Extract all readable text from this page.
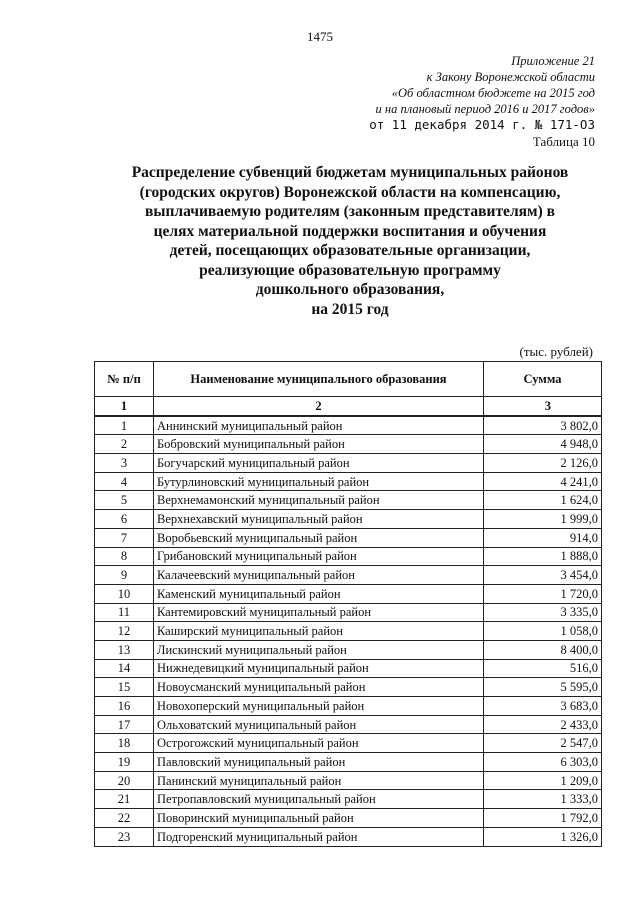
1475
Приложение 21
к Закону Воронежской области
«Об областном бюджете на 2015 год
и на плановый период 2016 и 2017 годов»
от 11 декабря 2014 г. № 171-ОЗ
Таблица 10
Распределение субвенций бюджетам муниципальных районов
(городских округов) Воронежской области на компенсацию,
выплачиваемую родителям (законным представителям) в
целях материальной поддержки воспитания и обучения
детей, посещающих образовательные организации,
реализующие образовательную программу
дошкольного образования,
на 2015 год
(тыс. рублей)
№ п/п	Наименование муниципального образования	Сумма
1	2	3
1	Аннинский муниципальный район	3 802,0
2	Бобровский муниципальный район	4 948,0
3	Богучарский муниципальный район	2 126,0
4	Бутурлиновский муниципальный район	4 241,0
5	Верхнемамонский муниципальный район	1 624,0
6	Верхнехавский муниципальный район	1 999,0
7	Воробьевский муниципальный район	914,0
8	Грибановский муниципальный район	1 888,0
9	Калачеевский муниципальный район	3 454,0
10	Каменский муниципальный район	1 720,0
11	Кантемировский муниципальный район	3 335,0
12	Каширский муниципальный район	1 058,0
13	Лискинский муниципальный район	8 400,0
14	Нижнедевицкий муниципальный район	516,0
15	Новоусманский муниципальный район	5 595,0
16	Новохоперский муниципальный район	3 683,0
17	Ольховатский муниципальный район	2 433,0
18	Острогожский муниципальный район	2 547,0
19	Павловский муниципальный район	6 303,0
20	Панинский муниципальный район	1 209,0
21	Петропавловский муниципальный район	1 333,0
22	Поворинский муниципальный район	1 792,0
23	Подгоренский муниципальный район	1 326,0
